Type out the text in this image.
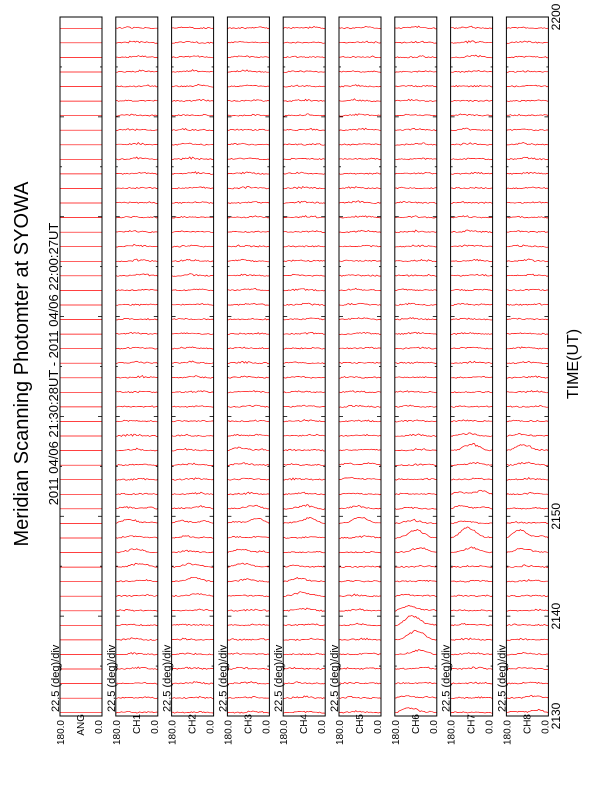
Meridian Scanning Photomter at SYOWA 2011 04/06 21:30:28UT - 2011 04/06 22:00:27UT	TIME(UT)
2130
2140
2150
2200
180.0	0.0
ANG
22.5 (deg)/div
180.0	0.0
CH1
22.5 (deg)/div
180.0	0.0
CH2
22.5 (deg)/div
180.0	0.0
CH3
22.5 (deg)/div
180.0	0.0
CH4
22.5 (deg)/div
180.0	0.0
CH5
22.5 (deg)/div
180.0	0.0
CH6 180.0	0.0
CH7
22.5 (deg)/div
180.0	0.0
CH8
22.5 (deg)/div
